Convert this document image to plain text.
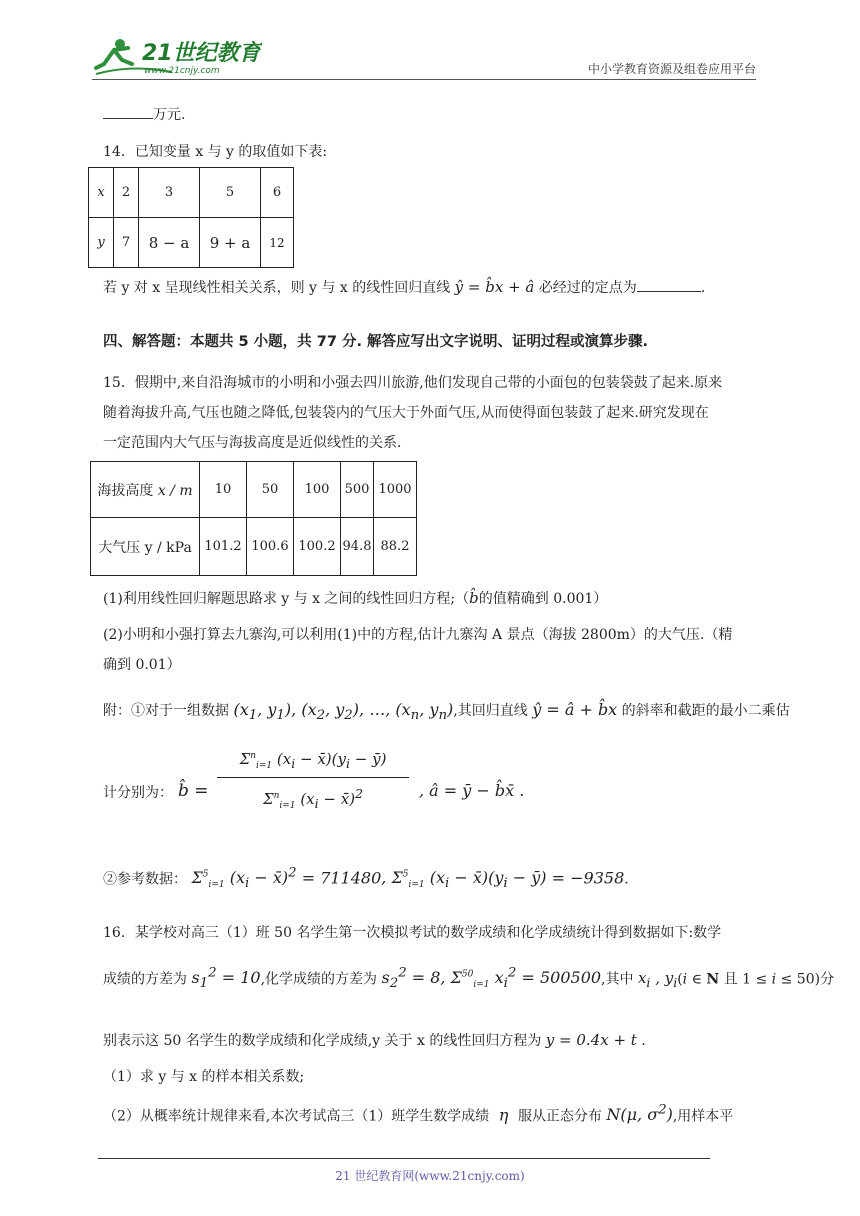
21世纪教育
www.21cnjy.com	中小学教育资源及组卷应用平台
万元.
14．已知变量 x 与 y 的取值如下表:
x	2	3	5	6
y	7	8 − a	9 + a	12
若 y 对 x 呈现线性相关关系，则 y 与 x 的线性回归直线 ŷ = b̂x + â 必经过的定点为	.
四、解答题：本题共 5 小题，共 77 分. 解答应写出文字说明、证明过程或演算步骤.
15．假期中,来自沿海城市的小明和小强去四川旅游,他们发现自己带的小面包的包装袋鼓了起来.原来
随着海拔升高,气压也随之降低,包装袋内的气压大于外面气压,从而使得面包装鼓了起来.研究发现在
一定范围内大气压与海拔高度是近似线性的关系.
海拔高度 x / m	10	50	100	500	1000
大气压 y / kPa	101.2	100.6	100.2	94.8	88.2
(1)利用线性回归解题思路求 y 与 x 之间的线性回归方程;（b̂的值精确到 0.001）
(2)小明和小强打算去九寨沟,可以利用(1)中的方程,估计九寨沟 A 景点（海拔 2800m）的大气压.（精
确到 0.01）
附：①对于一组数据 ($x_1$, $y_1$), ($x_2$, $y_2$), …, ($x_n$, $y_n$),其回归直线 ŷ = â + b̂x 的斜率和截距的最小二乘估
计分别为： b̂ =
$\Sigma^n_{i=1}$ ($x_i$ − $x̄)(y_i$ − ȳ)
$\Sigma^n_{i=1}$ ($x_i$ − x̄)$^2$	, â = ȳ − b̂x̄ .
②参考数据： $\Sigma^5_{i=1}$ ($x_i$ − x̄)$^2$ = 711480, $\Sigma^5_{i=1}$ ($x_i$ − $x̄)(y_i$ − ȳ) = −9358.
16．某学校对高三（1）班 50 名学生第一次模拟考试的数学成绩和化学成绩统计得到数据如下:数学
成绩的方差为 $s_1^2 = 10$,化学成绩的方差为 $s_2^2 = 8$, $\Sigma^{50}_{i=1}$ $x_i^2 = 500500$,其中 $x_i$ , $y_i(i$ ∈ N 且 1 ≤ i ≤ 50)分
别表示这 50 名学生的数学成绩和化学成绩,y 关于 x 的线性回归方程为 y = 0.4x + t .
（1）求 y 与 x 的样本相关系数;
（2）从概率统计规律来看,本次考试高三（1）班学生数学成绩  η  服从正态分布 N(μ, $\sigma^2$),用样本平
21 世纪教育网(www.21cnjy.com)
